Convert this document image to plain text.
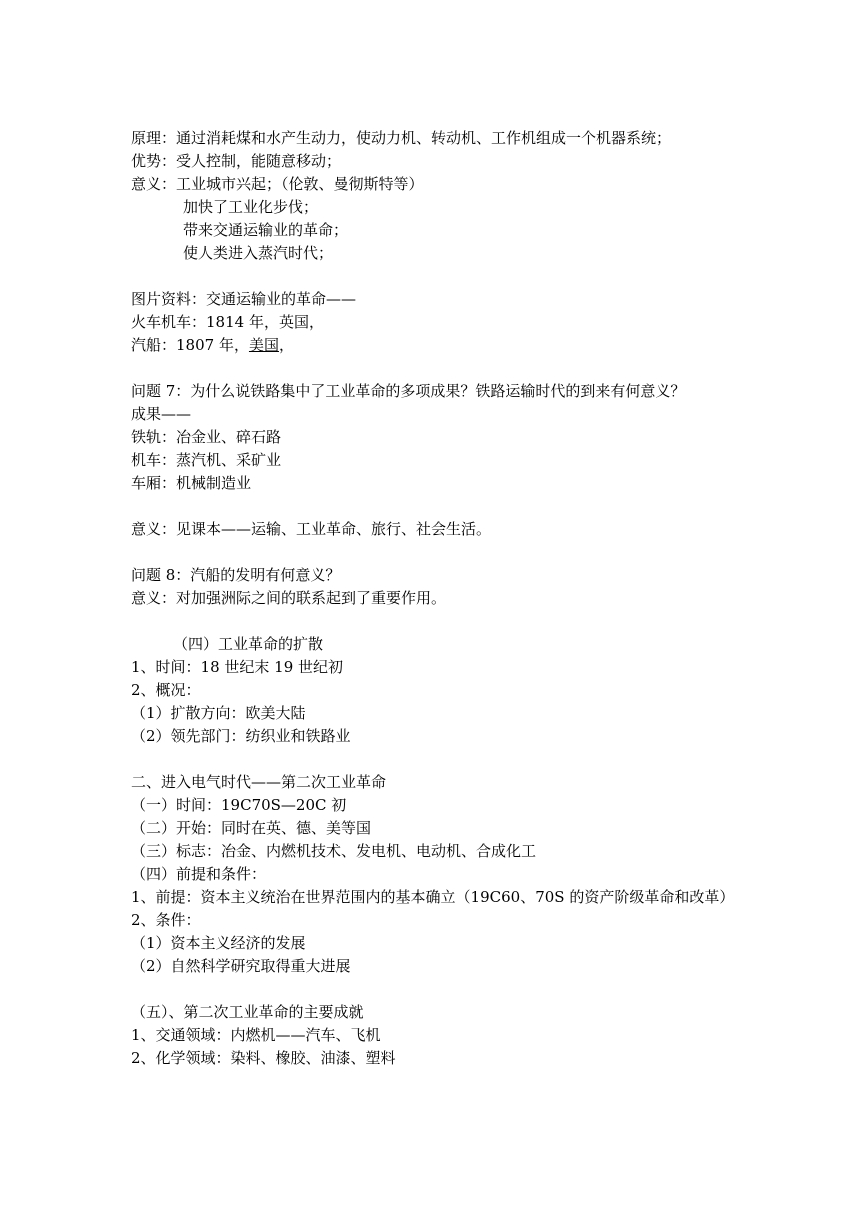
原理：通过消耗煤和水产生动力，使动力机、转动机、工作机组成一个机器系统；
优势：受人控制，能随意移动；
意义：工业城市兴起；（伦敦、曼彻斯特等）
加快了工业化步伐；
带来交通运输业的革命；
使人类进入蒸汽时代；
图片资料：交通运输业的革命——
火车机车：1814 年，英国，
汽船：1807 年，美国，
问题 7：为什么说铁路集中了工业革命的多项成果？铁路运输时代的到来有何意义？
成果——
铁轨：冶金业、碎石路
机车：蒸汽机、采矿业
车厢：机械制造业
意义：见课本——运输、工业革命、旅行、社会生活。
问题 8：汽船的发明有何意义？
意义：对加强洲际之间的联系起到了重要作用。
（四）工业革命的扩散
1、时间：18 世纪末 19 世纪初
2、概况：
（1）扩散方向：欧美大陆
（2）领先部门：纺织业和铁路业
二、进入电气时代——第二次工业革命
（一）时间：19C70S—20C 初
（二）开始：同时在英、德、美等国
（三）标志：冶金、内燃机技术、发电机、电动机、合成化工
（四）前提和条件：
1、前提：资本主义统治在世界范围内的基本确立（19C60、70S 的资产阶级革命和改革）
2、条件：
（1）资本主义经济的发展
（2）自然科学研究取得重大进展
（五）、第二次工业革命的主要成就
1、交通领域：内燃机——汽车、飞机
2、化学领域：染料、橡胶、油漆、塑料
